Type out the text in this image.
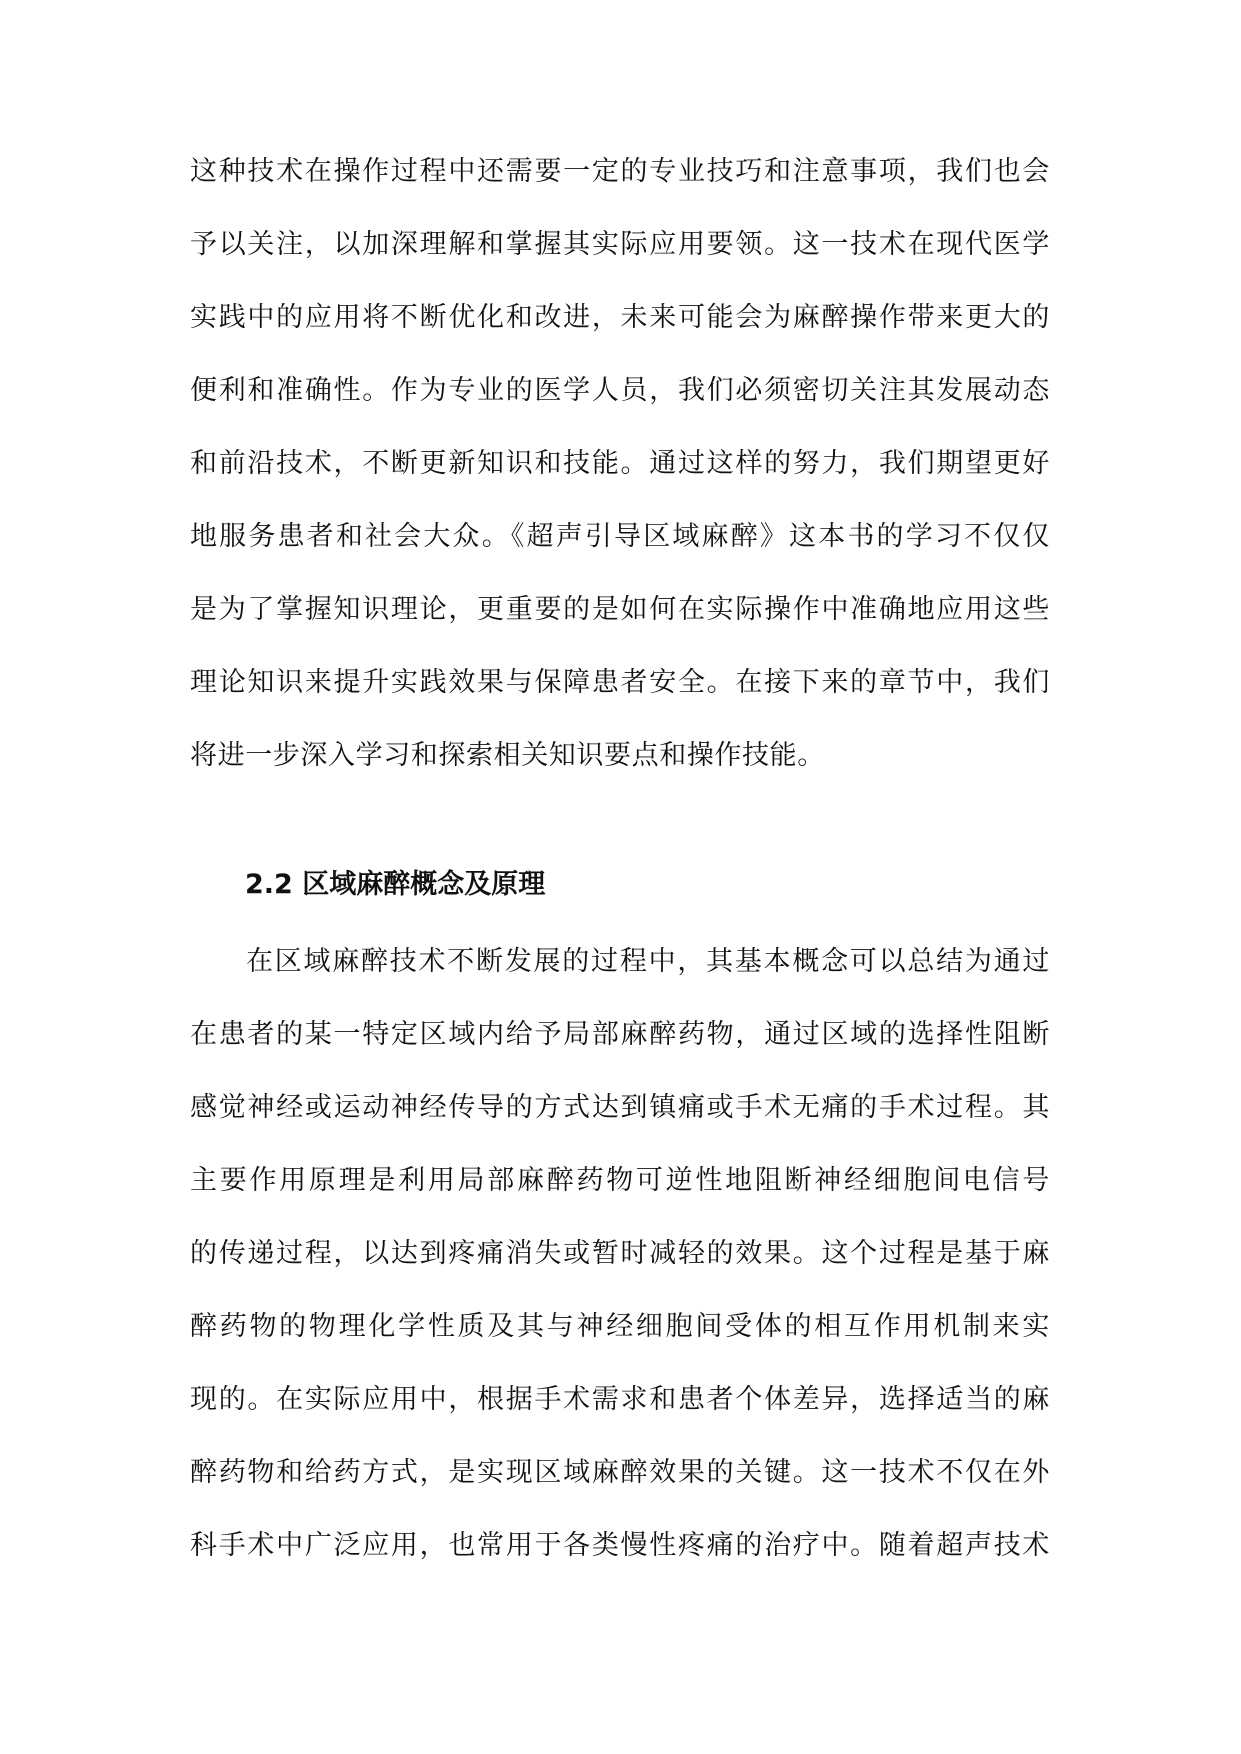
这种技术在操作过程中还需要一定的专业技巧和注意事项，我们也会
予以关注，以加深理解和掌握其实际应用要领。这一技术在现代医学
实践中的应用将不断优化和改进，未来可能会为麻醉操作带来更大的
便利和准确性。作为专业的医学人员，我们必须密切关注其发展动态
和前沿技术，不断更新知识和技能。通过这样的努力，我们期望更好
地服务患者和社会大众。《超声引导区域麻醉》这本书的学习不仅仅
是为了掌握知识理论，更重要的是如何在实际操作中准确地应用这些
理论知识来提升实践效果与保障患者安全。在接下来的章节中，我们
将进一步深入学习和探索相关知识要点和操作技能。
2.2 区域麻醉概念及原理
在区域麻醉技术不断发展的过程中，其基本概念可以总结为通过
在患者的某一特定区域内给予局部麻醉药物，通过区域的选择性阻断
感觉神经或运动神经传导的方式达到镇痛或手术无痛的手术过程。其
主要作用原理是利用局部麻醉药物可逆性地阻断神经细胞间电信号
的传递过程，以达到疼痛消失或暂时减轻的效果。这个过程是基于麻
醉药物的物理化学性质及其与神经细胞间受体的相互作用机制来实
现的。在实际应用中，根据手术需求和患者个体差异，选择适当的麻
醉药物和给药方式，是实现区域麻醉效果的关键。这一技术不仅在外
科手术中广泛应用，也常用于各类慢性疼痛的治疗中。随着超声技术
